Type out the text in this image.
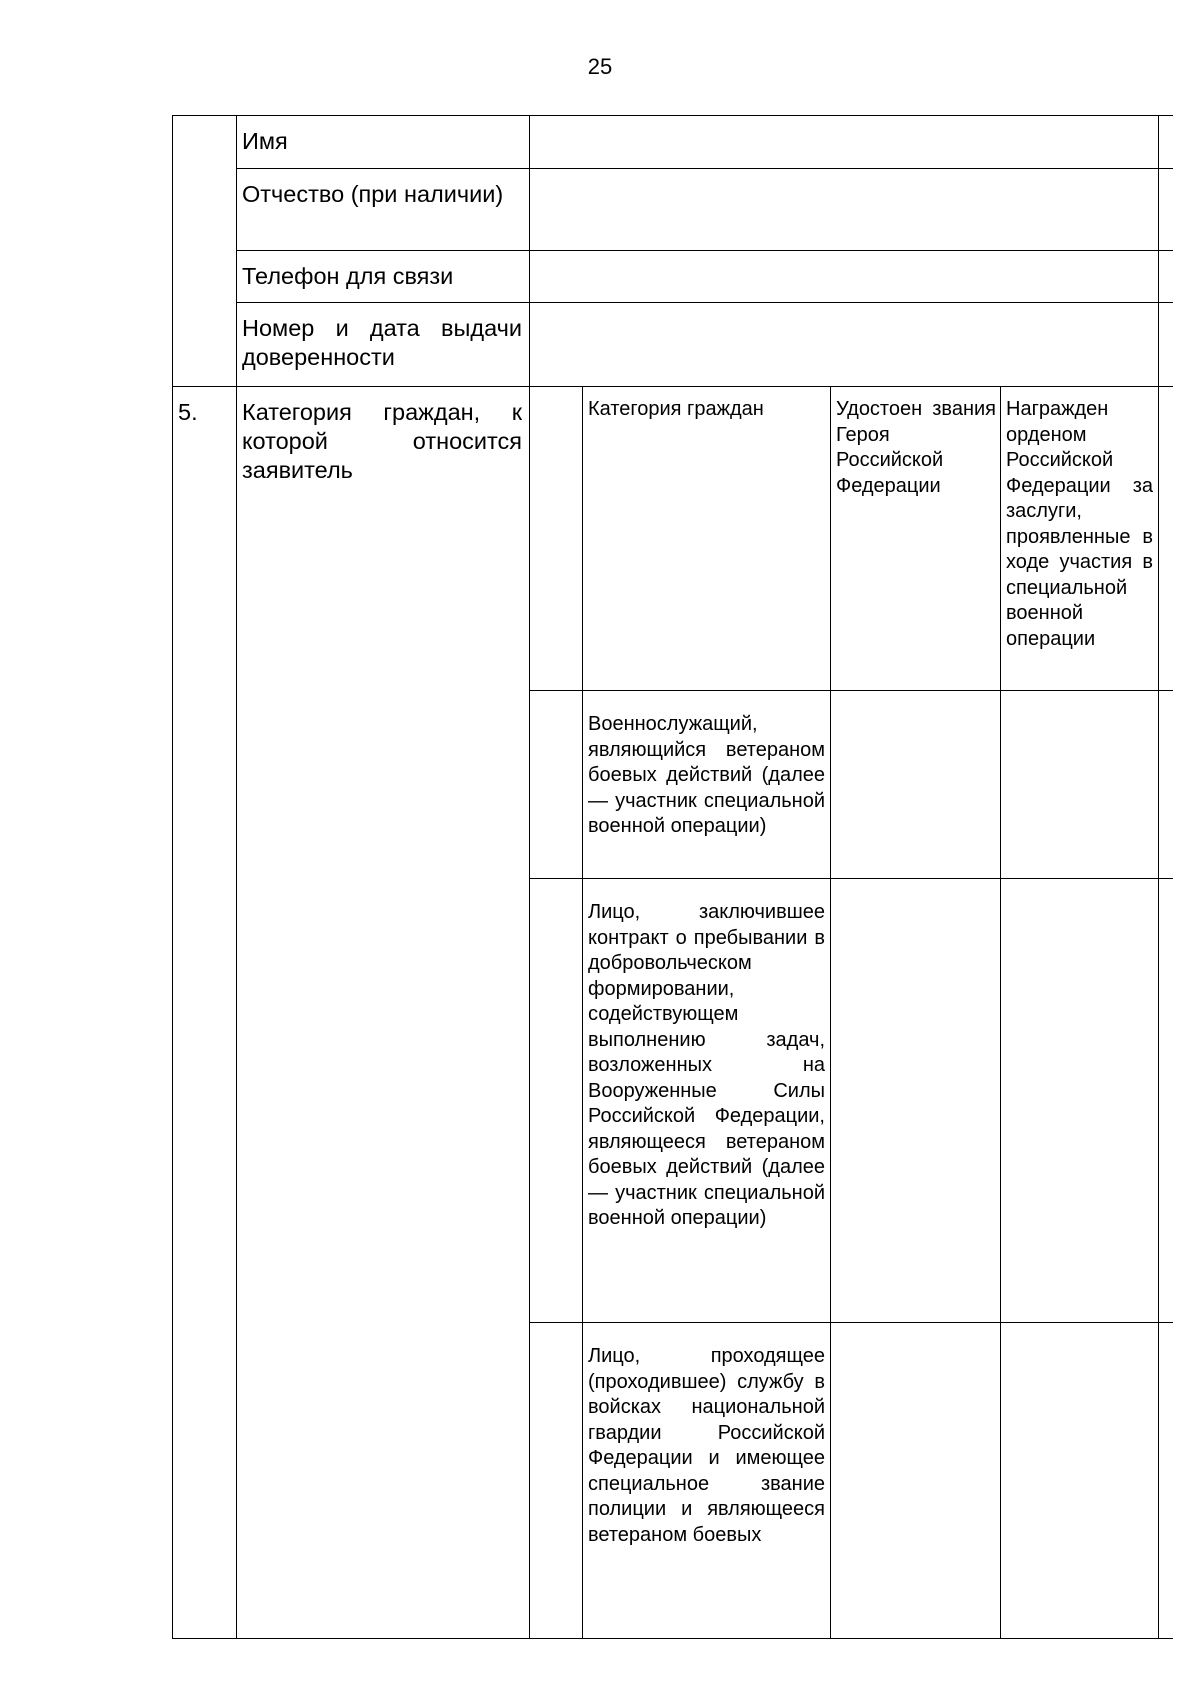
25
Имя
Отчество (при наличии)
Телефон для связи
Номер и дата выдачи доверенности
5.	Категория граждан, к которой относится заявитель
Категория граждан	Удостоен звания Героя Российской Федерации
Награжден орденом Российской Федерации за заслуги, проявленные в ходе участия в специальной военной операции
Военнослужащий, являющийся ветераном боевых действий (далее — участник специальной военной операции)
Лицо, заключившее контракт о пребывании в добровольческом формировании, содействующем выполнению задач, возложенных на Вооруженные Силы Российской Федерации, являющееся ветераном боевых действий (далее — участник специальной военной операции)
Лицо, проходящее (проходившее) службу в войсках национальной гвардии Российской Федерации и имеющее специальное звание полиции и являющееся ветераном боевых
